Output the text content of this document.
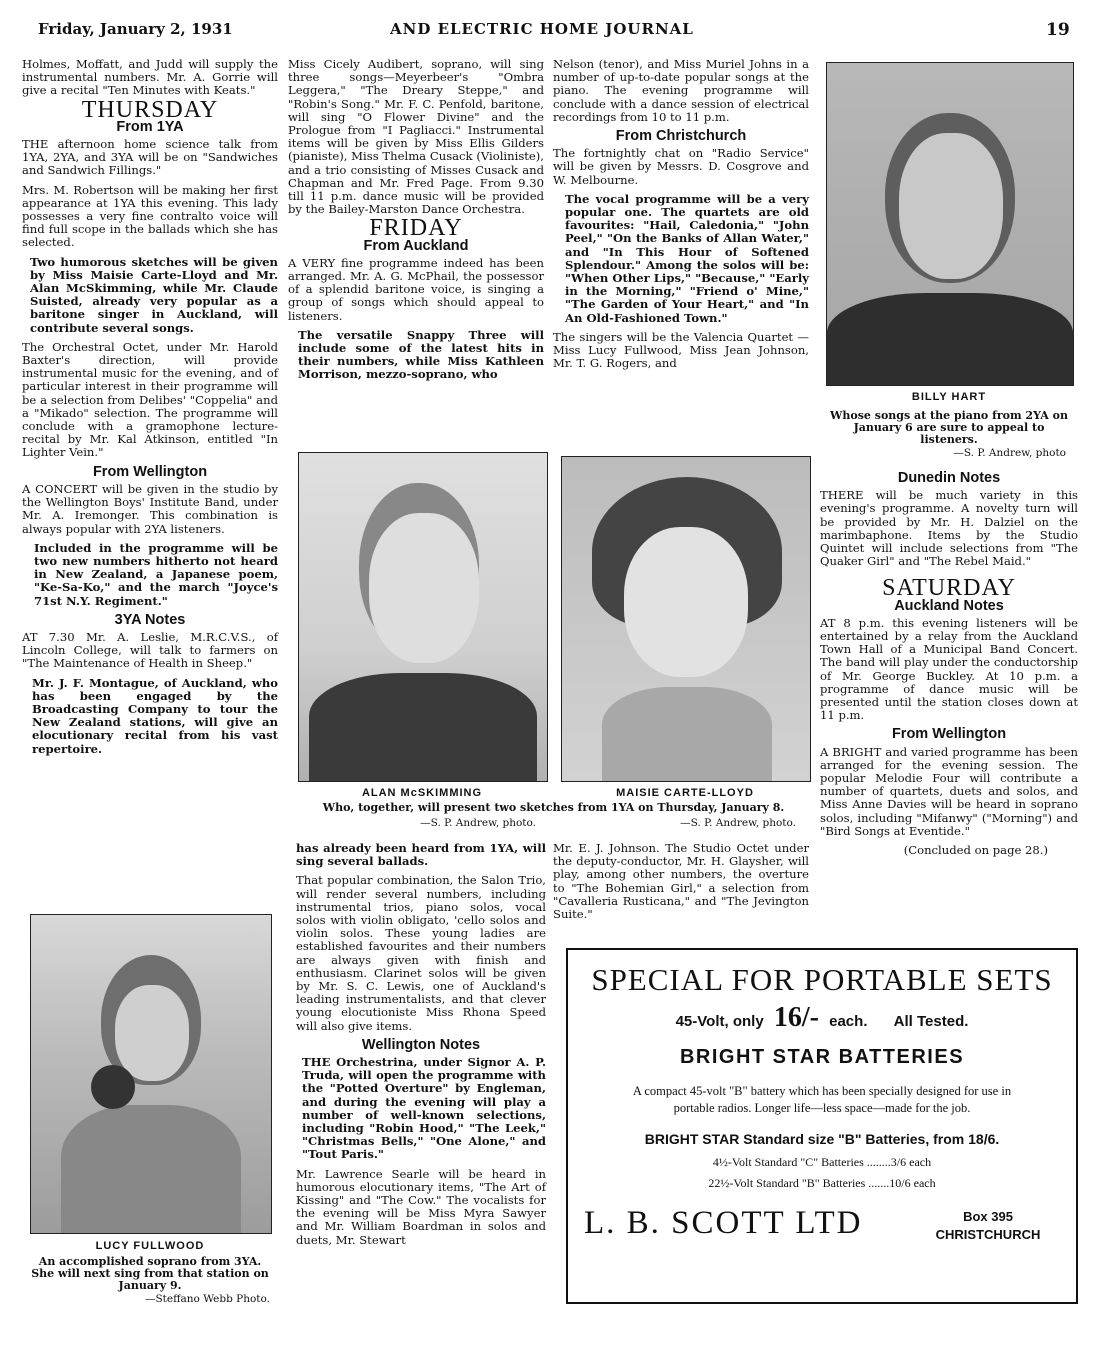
Friday, January 2, 1931	AND ELECTRIC HOME JOURNAL	19

Holmes, Moffatt, and Judd will supply the instrumental numbers. Mr. A. Gorrie will give a recital "Ten Minutes with Keats."

THURSDAY
From 1YA

THE afternoon home science talk from 1YA, 2YA, and 3YA will be on "Sandwiches and Sandwich Fillings."

Mrs. M. Robertson will be making her first appearance at 1YA this evening. This lady possesses a very fine contralto voice will find full scope in the ballads which she has selected.

Two humorous sketches will be given by Miss Maisie Carte-Lloyd and Mr. Alan McSkimming, while Mr. Claude Suisted, already very popular as a baritone singer in Auckland, will contribute several songs.

The Orchestral Octet, under Mr. Harold Baxter's direction, will provide instrumental music for the evening, and of particular interest in their programme will be a selection from Delibes' "Coppelia" and a "Mikado" selection. The programme will conclude with a gramophone lecture-recital by Mr. Kal Atkinson, entitled "In Lighter Vein."

From Wellington

A CONCERT will be given in the studio by the Wellington Boys' Institute Band, under Mr. A. Iremonger. This combination is always popular with 2YA listeners.

Included in the programme will be two new numbers hitherto not heard in New Zealand, a Japanese poem, "Ke-Sa-Ko," and the march "Joyce's 71st N.Y. Regiment."

3YA Notes

AT 7.30 Mr. A. Leslie, M.R.C.V.S., of Lincoln College, will talk to farmers on "The Maintenance of Health in Sheep."

Mr. J. F. Montague, of Auckland, who has been engaged by the Broadcasting Company to tour the New Zealand stations, will give an elocutionary recital from his vast repertoire.

LUCY FULLWOOD
An accomplished soprano from 3YA. She will next sing from that station on January 9.
—Steffano Webb Photo.

Miss Cicely Audibert, soprano, will sing three songs—Meyerbeer's "Ombra Leggera," "The Dreary Steppe," and "Robin's Song." Mr. F. C. Penfold, baritone, will sing "O Flower Divine" and the Prologue from "I Pagliacci." Instrumental items will be given by Miss Ellis Gilders (pianiste), Miss Thelma Cusack (Violiniste), and a trio consisting of Misses Cusack and Chapman and Mr. Fred Page. From 9.30 till 11 p.m. dance music will be provided by the Bailey-Marston Dance Orchestra.

FRIDAY
From Auckland

A VERY fine programme indeed has been arranged. Mr. A. G. McPhail, the possessor of a splendid baritone voice, is singing a group of songs which should appeal to listeners.

The versatile Snappy Three will include some of the latest hits in their numbers, while Miss Kathleen Morrison, mezzo-soprano, who

Nelson (tenor), and Miss Muriel Johns in a number of up-to-date popular songs at the piano. The evening programme will conclude with a dance session of electrical recordings from 10 to 11 p.m.

From Christchurch

The fortnightly chat on "Radio Service" will be given by Messrs. D. Cosgrove and W. Melbourne.

The vocal programme will be a very popular one. The quartets are old favourites: "Hail, Caledonia," "John Peel," "On the Banks of Allan Water," and "In This Hour of Softened Splendour." Among the solos will be: "When Other Lips," "Because," "Early in the Morning," "Friend o' Mine," "The Garden of Your Heart," and "In An Old-Fashioned Town."

The singers will be the Valencia Quartet — Miss Lucy Fullwood, Miss Jean Johnson, Mr. T. G. Rogers, and

BILLY HART
Whose songs at the piano from 2YA on January 6 are sure to appeal to listeners.
—S. P. Andrew, photo
Dunedin Notes

THERE will be much variety in this evening's programme. A novelty turn will be provided by Mr. H. Dalziel on the marimbaphone. Items by the Studio Quintet will include selections from "The Quaker Girl" and "The Rebel Maid."

SATURDAY
Auckland Notes

AT 8 p.m. this evening listeners will be entertained by a relay from the Auckland Town Hall of a Municipal Band Concert. The band will play under the conductorship of Mr. George Buckley. At 10 p.m. a programme of dance music will be presented until the station closes down at 11 p.m.

From Wellington

A BRIGHT and varied programme has been arranged for the evening session. The popular Melodie Four will contribute a number of quartets, duets and solos, and Miss Anne Davies will be heard in soprano solos, including "Mifanwy" ("Morning") and "Bird Songs at Eventide."

(Concluded on page 28.)

ALAN McSKIMMING	MAISIE CARTE-LLOYD
Who, together, will present two sketches from 1YA on Thursday, January 8.
—S. P. Andrew, photo.	—S. P. Andrew, photo.

has already been heard from 1YA, will sing several ballads.

That popular combination, the Salon Trio, will render several numbers, including instrumental trios, piano solos, vocal solos with violin obligato, 'cello solos and violin solos. These young ladies are established favourites and their numbers are always given with finish and enthusiasm. Clarinet solos will be given by Mr. S. C. Lewis, one of Auckland's leading instrumentalists, and that clever young elocutioniste Miss Rhona Speed will also give items.

Wellington Notes

THE Orchestrina, under Signor A. P. Truda, will open the programme with the "Potted Overture" by Engleman, and during the evening will play a number of well-known selections, including "Robin Hood," "The Leek," "Christmas Bells," "One Alone," and "Tout Paris."

Mr. Lawrence Searle will be heard in humorous elocutionary items, "The Art of Kissing" and "The Cow." The vocalists for the evening will be Miss Myra Sawyer and Mr. William Boardman in solos and duets, Mr. Stewart

Mr. E. J. Johnson. The Studio Octet under the deputy-conductor, Mr. H. Glaysher, will play, among other numbers, the overture to "The Bohemian Girl," a selection from "Cavalleria Rusticana," and "The Jevington Suite."

SPECIAL FOR PORTABLE SETS
45-Volt, only 16/- each. All Tested.
BRIGHT STAR BATTERIES
A compact 45-volt "B" battery which has been specially designed for use in portable radios. Longer life—less space—made for the job.
BRIGHT STAR Standard size "B" Batteries, from 18/6.
4½-Volt Standard "C" Batteries ........3/6 each
22½-Volt Standard "B" Batteries .......10/6 each
L. B. SCOTT LTD	Box 395
CHRISTCHURCH
